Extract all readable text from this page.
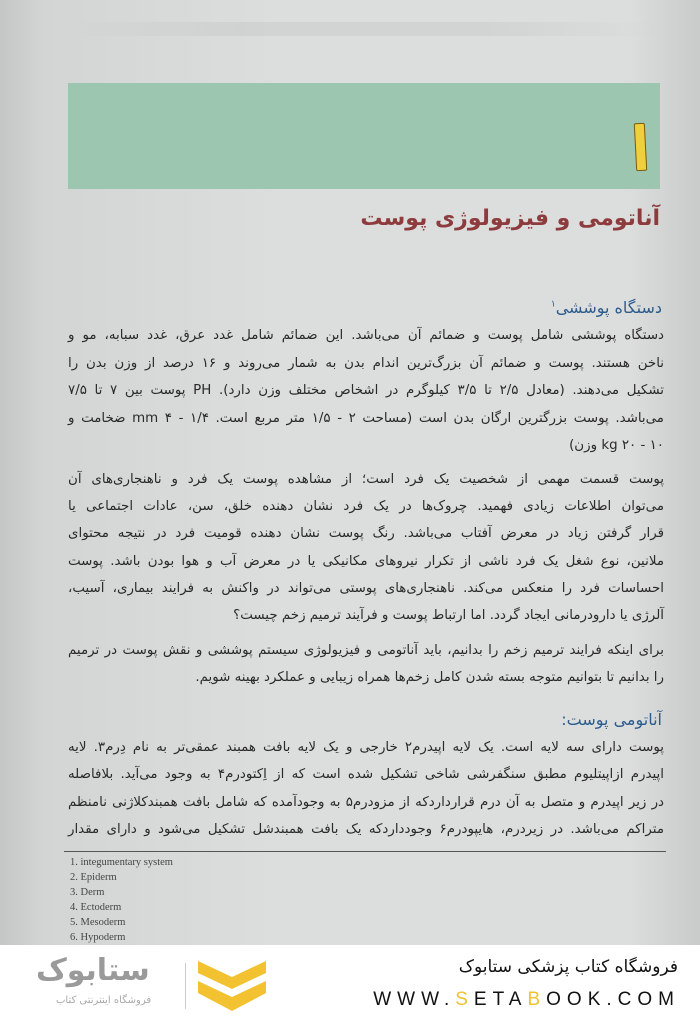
آناتومی و فیزیولوژی پوست
دستگاه پوششی$^۱$
دستگاه پوششی شامل پوست و ضمائم آن می‌باشد. این ضمائم شامل غدد عرق، غدد سبابه، مو و
ناخن هستند. پوست و ضمائم آن بزرگ‌ترین اندام بدن به شمار می‌روند و ۱۶ درصد از وزن بدن را
تشکیل می‌دهند. (معادل ۲/۵ تا ۳/۵ کیلوگرم در اشخاص مختلف وزن دارد). PH پوست بین ۷ تا ۷/۵
می‌باشد. پوست بزرگترین ارگان بدن است (مساحت ۲ - ۱/۵ متر مربع است. ۱/۴ - ۴ mm ضخامت و
۱۰ - ۲۰ kg وزن)
پوست قسمت مهمی از شخصیت یک فرد است؛ از مشاهده پوست یک فرد و ناهنجاری‌های آن
می‌توان اطلاعات زیادی فهمید. چروک‌ها در یک فرد نشان دهنده خلق، سن، عادات اجتماعی یا
قرار گرفتن زیاد در معرض آفتاب می‌باشد. رنگ پوست نشان دهنده قومیت فرد در نتیجه محتوای
ملانین، نوع شغل یک فرد ناشی از تکرار نیروهای مکانیکی یا در معرض آب و هوا بودن باشد. پوست
احساسات فرد را منعکس می‌کند. ناهنجاری‌های پوستی می‌تواند در واکنش به فرایند بیماری، آسیب،
آلرژی یا دارودرمانی ایجاد گردد. اما ارتباط پوست و فرآیند ترمیم زخم چیست؟
برای اینکه فرایند ترمیم زخم را بدانیم، باید آناتومی و فیزیولوژی سیستم پوششی و نقش پوست در ترمیم
را بدانیم تا بتوانیم متوجه بسته شدن کامل زخم‌ها همراه زیبایی و عملکرد بهینه شویم.
آناتومی پوست:
پوست دارای سه لایه است. یک لایه اپیدرم۲ خارجی و یک لایه بافت همبند عمقی‌تر به نام دِرم۳. لایه
اپیدرم ازاپیتلیوم مطبق سنگفرشی شاخی تشکیل شده است که از اِکتودرم۴ به وجود می‌آید. بلافاصله
در زیر اپیدرم و متصل به آن درم قراردارد‌که از مزودرم۵ به وجودآمده که شامل بافت همبندکلاژنی نامنظم
متراکم می‌باشد. در زیردرم، هایپودرم۶ وجودداردکه یک بافت همبندشل تشکیل می‌شود و دارای مقدار
1. integumentary system
2. Epiderm
3. Derm
4. Ectoderm
5. Mesoderm
6. Hypoderm
فروشگاه کتاب پزشکی ستابوک
WWW.SETABOOK.COM
ستابوک
فروشگاه اینترنتی کتاب
